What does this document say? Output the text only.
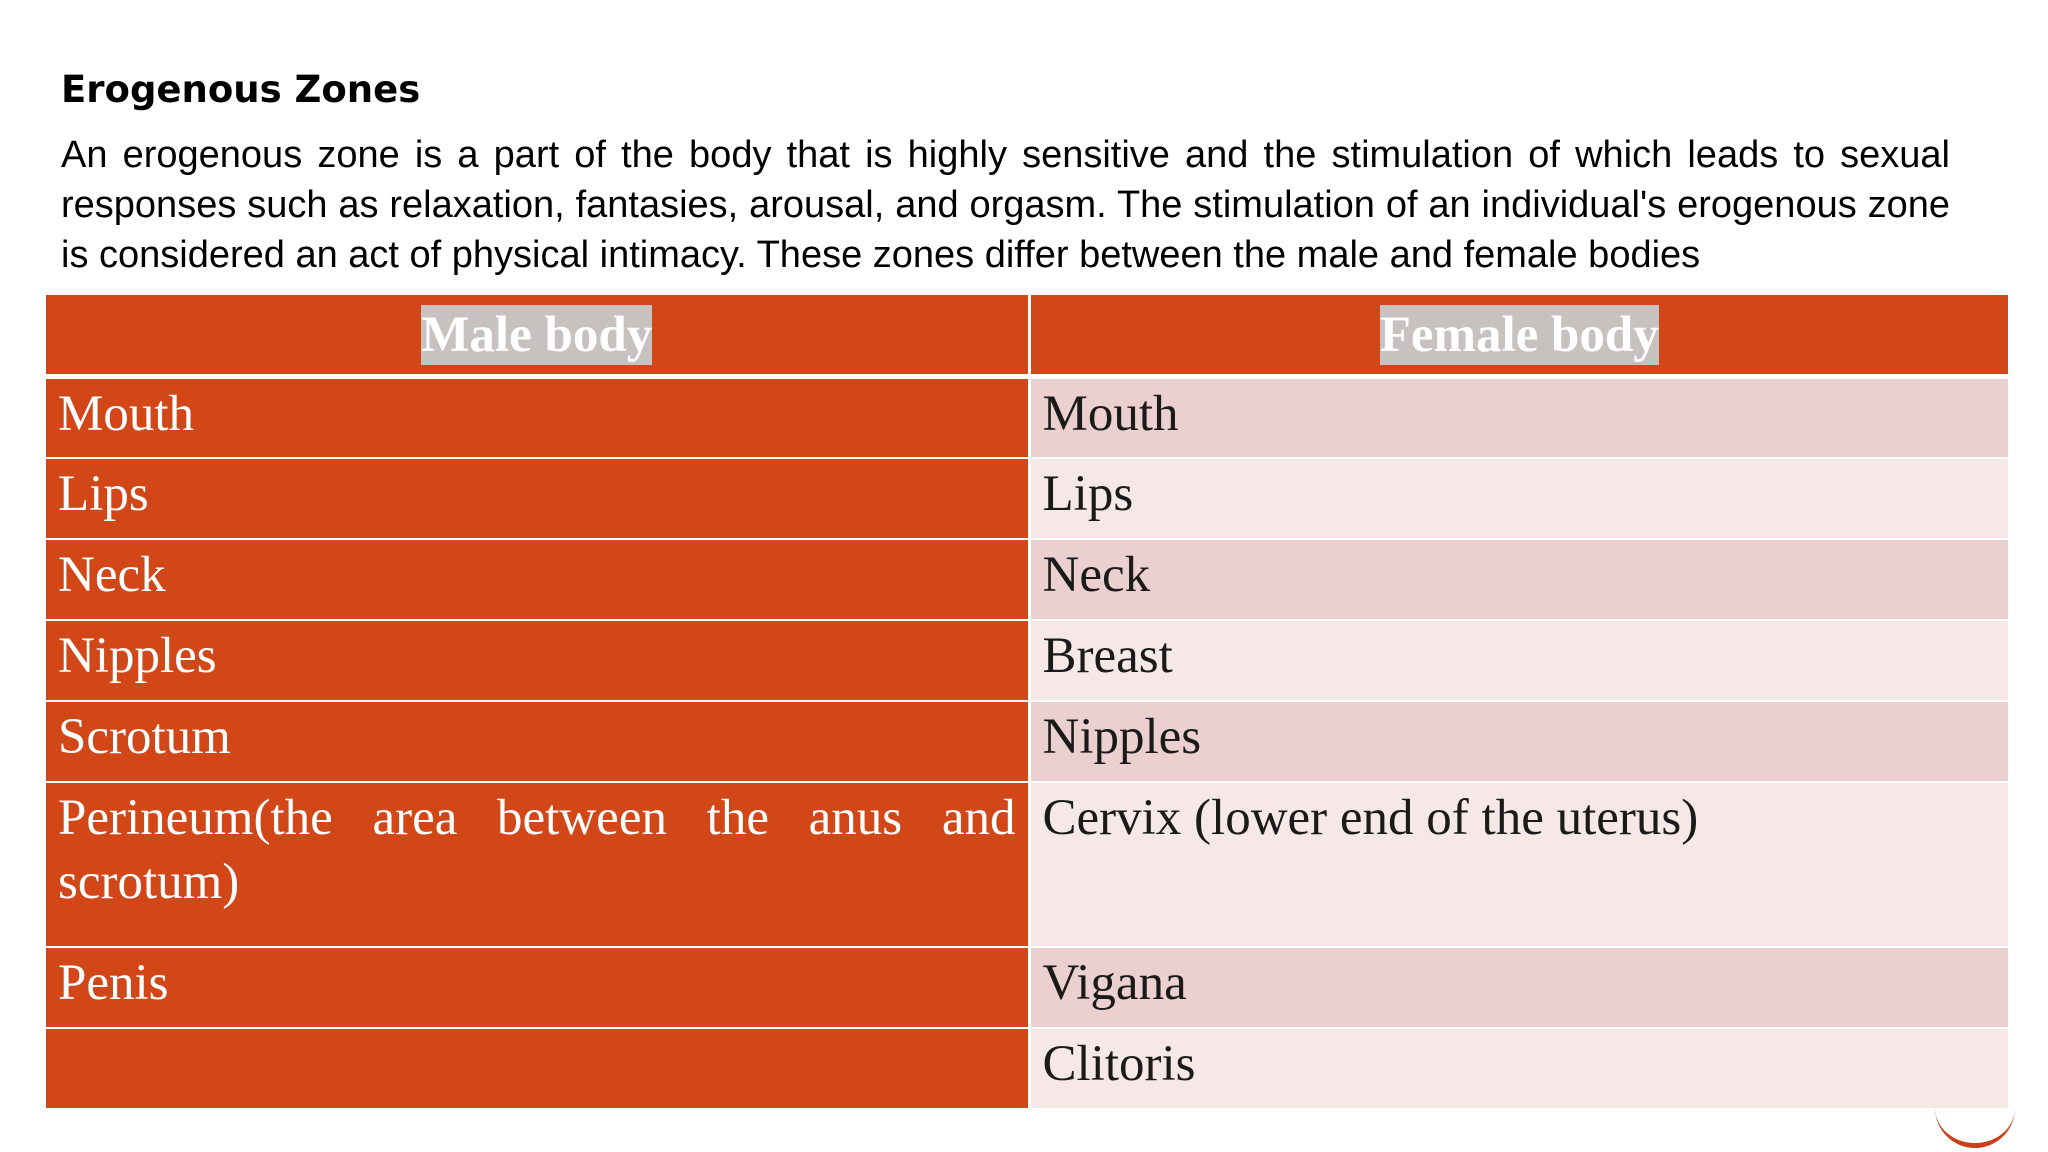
Erogenous Zones

An erogenous zone is a part of the body that is highly sensitive and the stimulation of which leads to sexual responses such as relaxation, fantasies, arousal, and orgasm. The stimulation of an individual's erogenous zone is considered an act of physical intimacy. These zones differ between the male and female bodies

Male body	Female body

Mouth	Mouth

Lips	Lips

Neck	Neck

Nipples	Breast

Scrotum	Nipples

Perineum(the area between the anus and scrotum)	Cervix (lower end of the uterus)

Penis	Vigana

	Clitoris
